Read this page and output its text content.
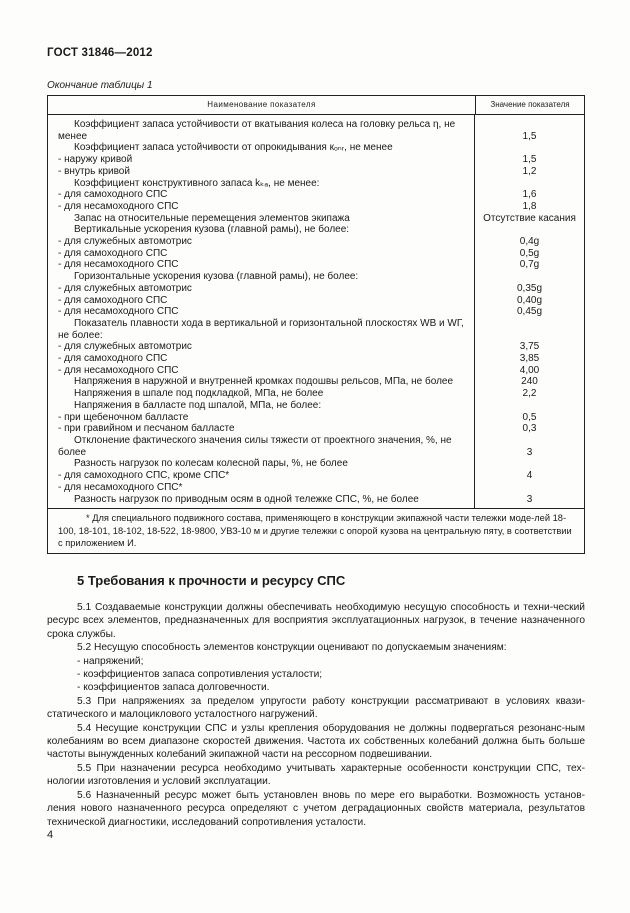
ГОСТ 31846—2012
Окончание таблицы 1
Наименование показателя	Значение показателя
Коэффициент запаса устойчивости от вкатывания колеса на головку рельса η, не менее	1,5
Коэффициент запаса устойчивости от опрокидывания кₒₙᵣ, не менее
- наружу кривой	1,5
- внутрь кривой	1,2
Коэффициент конструктивного запаса kₖₐ, не менее:
- для самоходного СПС	1,6
- для несамоходного СПС	1,8
Запас на относительные перемещения элементов экипажа	Отсутствие касания
Вертикальные ускорения кузова (главной рамы), не более:
- для служебных автомотрис	0,4g
- для самоходного СПС	0,5g
- для несамоходного СПС	0,7g
Горизонтальные ускорения кузова (главной рамы), не более:
- для служебных автомотрис	0,35g
- для самоходного СПС	0,40g
- для несамоходного СПС	0,45g
Показатель плавности хода в вертикальной и горизонтальной плоскостях WВ и WГ, не более:
- для служебных автомотрис	3,75
- для самоходного СПС	3,85
- для несамоходного СПС	4,00
Напряжения в наружной и внутренней кромках подошвы рельсов, МПа, не более	240
Напряжения в шпале под подкладкой, МПа, не более	2,2
Напряжения в балласте под шпалой, МПа, не более:
- при щебеночном балласте	0,5
- при гравийном и песчаном балласте	0,3
Отклонение фактического значения силы тяжести от проектного значения, %, не более	3
Разность нагрузок по колесам колесной пары, %, не более
- для самоходного СПС, кроме СПС*	4
- для несамоходного СПС*
Разность нагрузок по приводным осям в одной тележке СПС, %, не более	3
* Для специального подвижного состава, применяющего в конструкции экипажной части тележки моде-лей 18-100, 18-101, 18-102, 18-522, 18-9800, УВЗ-10 м и другие тележки с опорой кузова на центральную пяту, в соответствии с приложением И.
5 Требования к прочности и ресурсу СПС

5.1 Создаваемые конструкции должны обеспечивать необходимую несущую способность и техни-ческий ресурс всех элементов, предназначенных для восприятия эксплуатационных нагрузок, в течение назначенного срока службы.

5.2 Несущую способность элементов конструкции оценивают по допускаемым значениям:

- напряжений;

- коэффициентов запаса сопротивления усталости;

- коэффициентов запаса долговечности.

5.3 При напряжениях за пределом упругости работу конструкции рассматривают в условиях квази-статического и малоциклового усталостного нагружений.

5.4 Несущие конструкции СПС и узлы крепления оборудования не должны подвергаться резонанс-ным колебаниям во всем диапазоне скоростей движения. Частота их собственных колебаний должна быть больше частоты вынужденных колебаний экипажной части на рессорном подвешивании.

5.5 При назначении ресурса необходимо учитывать характерные особенности конструкции СПС, тех-нологии изготовления и условий эксплуатации.

5.6 Назначенный ресурс может быть установлен вновь по мере его выработки. Возможность установ-ления нового назначенного ресурса определяют с учетом деградационных свойств материала, результатов технической диагностики, исследований сопротивления усталости.

4
